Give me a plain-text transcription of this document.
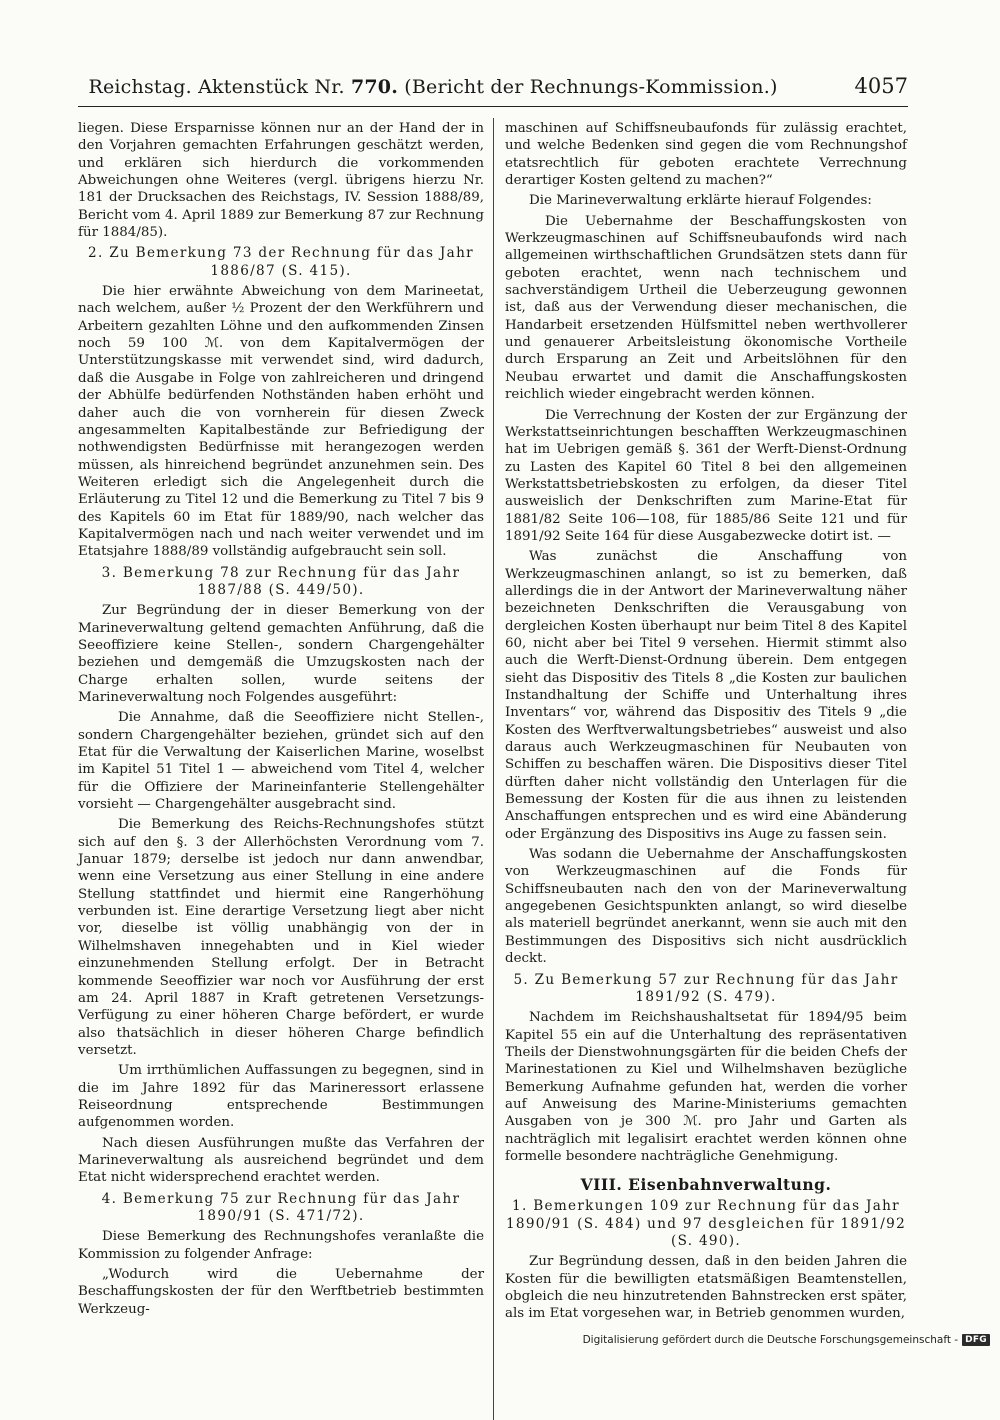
Reichstag. Aktenstück Nr. 770. (Bericht der Rechnungs-Kommission.)	4057

liegen. Diese Ersparnisse können nur an der Hand der in den Vorjahren gemachten Erfahrungen geschätzt werden, und erklären sich hierdurch die vorkommenden Abweichungen ohne Weiteres (vergl. übrigens hierzu Nr. 181 der Drucksachen des Reichstags, IV. Session 1888/89, Bericht vom 4. April 1889 zur Bemerkung 87 zur Rechnung für 1884/85).

2. Zu Bemerkung 73 der Rechnung für das Jahr 1886/87 (S. 415).

Die hier erwähnte Abweichung von dem Marineetat, nach welchem, außer ½ Prozent der den Werkführern und Arbeitern gezahlten Löhne und den aufkommenden Zinsen noch 59 100 ℳ. von dem Kapitalvermögen der Unterstützungskasse mit verwendet sind, wird dadurch, daß die Ausgabe in Folge von zahlreicheren und dringend der Abhülfe bedürfenden Nothständen haben erhöht und daher auch die von vornherein für diesen Zweck angesammelten Kapitalbestände zur Befriedigung der nothwendigsten Bedürfnisse mit herangezogen werden müssen, als hinreichend begründet anzunehmen sein. Des Weiteren erledigt sich die Angelegenheit durch die Erläuterung zu Titel 12 und die Bemerkung zu Titel 7 bis 9 des Kapitels 60 im Etat für 1889/90, nach welcher das Kapitalvermögen nach und nach weiter verwendet und im Etatsjahre 1888/89 vollständig aufgebraucht sein soll.

3. Bemerkung 78 zur Rechnung für das Jahr 1887/88 (S. 449/50).

Zur Begründung der in dieser Bemerkung von der Marineverwaltung geltend gemachten Anführung, daß die Seeoffiziere keine Stellen-, sondern Chargengehälter beziehen und demgemäß die Umzugskosten nach der Charge erhalten sollen, wurde seitens der Marineverwaltung noch Folgendes ausgeführt:

Die Annahme, daß die Seeoffiziere nicht Stellen-, sondern Chargengehälter beziehen, gründet sich auf den Etat für die Verwaltung der Kaiserlichen Marine, woselbst im Kapitel 51 Titel 1 — abweichend vom Titel 4, welcher für die Offiziere der Marineinfanterie Stellengehälter vorsieht — Chargengehälter ausgebracht sind.

Die Bemerkung des Reichs-Rechnungshofes stützt sich auf den §. 3 der Allerhöchsten Verordnung vom 7. Januar 1879; derselbe ist jedoch nur dann anwendbar, wenn eine Versetzung aus einer Stellung in eine andere Stellung stattfindet und hiermit eine Rangerhöhung verbunden ist. Eine derartige Versetzung liegt aber nicht vor, dieselbe ist völlig unabhängig von der in Wilhelmshaven innegehabten und in Kiel wieder einzunehmenden Stellung erfolgt. Der in Betracht kommende Seeoffizier war noch vor Ausführung der erst am 24. April 1887 in Kraft getretenen Versetzungs-Verfügung zu einer höheren Charge befördert, er wurde also thatsächlich in dieser höheren Charge befindlich versetzt.

Um irrthümlichen Auffassungen zu begegnen, sind in die im Jahre 1892 für das Marineressort erlassene Reiseordnung entsprechende Bestimmungen aufgenommen worden.

Nach diesen Ausführungen mußte das Verfahren der Marineverwaltung als ausreichend begründet und dem Etat nicht widersprechend erachtet werden.

4. Bemerkung 75 zur Rechnung für das Jahr 1890/91 (S. 471/72).

Diese Bemerkung des Rechnungshofes veranlaßte die Kommission zu folgender Anfrage:

„Wodurch wird die Uebernahme der Beschaffungskosten der für den Werftbetrieb bestimmten Werkzeug-

maschinen auf Schiffsneubaufonds für zulässig erachtet, und welche Bedenken sind gegen die vom Rechnungshof etatsrechtlich für geboten erachtete Verrechnung derartiger Kosten geltend zu machen?“

Die Marineverwaltung erklärte hierauf Folgendes:

Die Uebernahme der Beschaffungskosten von Werkzeugmaschinen auf Schiffsneubaufonds wird nach allgemeinen wirthschaftlichen Grundsätzen stets dann für geboten erachtet, wenn nach technischem und sachverständigem Urtheil die Ueberzeugung gewonnen ist, daß aus der Verwendung dieser mechanischen, die Handarbeit ersetzenden Hülfsmittel neben werthvollerer und genauerer Arbeitsleistung ökonomische Vortheile durch Ersparung an Zeit und Arbeitslöhnen für den Neubau erwartet und damit die Anschaffungskosten reichlich wieder eingebracht werden können.

Die Verrechnung der Kosten der zur Ergänzung der Werkstattseinrichtungen beschafften Werkzeugmaschinen hat im Uebrigen gemäß §. 361 der Werft-Dienst-Ordnung zu Lasten des Kapitel 60 Titel 8 bei den allgemeinen Werkstattsbetriebskosten zu erfolgen, da dieser Titel ausweislich der Denkschriften zum Marine-Etat für 1881/82 Seite 106—108, für 1885/86 Seite 121 und für 1891/92 Seite 164 für diese Ausgabezwecke dotirt ist. —

Was zunächst die Anschaffung von Werkzeugmaschinen anlangt, so ist zu bemerken, daß allerdings die in der Antwort der Marineverwaltung näher bezeichneten Denkschriften die Verausgabung von dergleichen Kosten überhaupt nur beim Titel 8 des Kapitel 60, nicht aber bei Titel 9 versehen. Hiermit stimmt also auch die Werft-Dienst-Ordnung überein. Dem entgegen sieht das Dispositiv des Titels 8 „die Kosten zur baulichen Instandhaltung der Schiffe und Unterhaltung ihres Inventars“ vor, während das Dispositiv des Titels 9 „die Kosten des Werftverwaltungsbetriebes“ ausweist und also daraus auch Werkzeugmaschinen für Neubauten von Schiffen zu beschaffen wären. Die Dispositivs dieser Titel dürften daher nicht vollständig den Unterlagen für die Bemessung der Kosten für die aus ihnen zu leistenden Anschaffungen entsprechen und es wird eine Abänderung oder Ergänzung des Dispositivs ins Auge zu fassen sein.

Was sodann die Uebernahme der Anschaffungskosten von Werkzeugmaschinen auf die Fonds für Schiffsneubauten nach den von der Marineverwaltung angegebenen Gesichtspunkten anlangt, so wird dieselbe als materiell begründet anerkannt, wenn sie auch mit den Bestimmungen des Dispositivs sich nicht ausdrücklich deckt.

5. Zu Bemerkung 57 zur Rechnung für das Jahr 1891/92 (S. 479).

Nachdem im Reichshaushaltsetat für 1894/95 beim Kapitel 55 ein auf die Unterhaltung des repräsentativen Theils der Dienstwohnungsgärten für die beiden Chefs der Marinestationen zu Kiel und Wilhelmshaven bezügliche Bemerkung Aufnahme gefunden hat, werden die vorher auf Anweisung des Marine-Ministeriums gemachten Ausgaben von je 300 ℳ. pro Jahr und Garten als nachträglich mit legalisirt erachtet werden können ohne formelle besondere nachträgliche Genehmigung.

VIII. Eisenbahnverwaltung.
1. Bemerkungen 109 zur Rechnung für das Jahr 1890/91 (S. 484) und 97 desgleichen für 1891/92 (S. 490).

Zur Begründung dessen, daß in den beiden Jahren die Kosten für die bewilligten etatsmäßigen Beamtenstellen, obgleich die neu hinzutretenden Bahnstrecken erst später, als im Etat vorgesehen war, in Betrieb genommen wurden,

Digitalisierung gefördert durch die Deutsche Forschungsgemeinschaft - DFG
